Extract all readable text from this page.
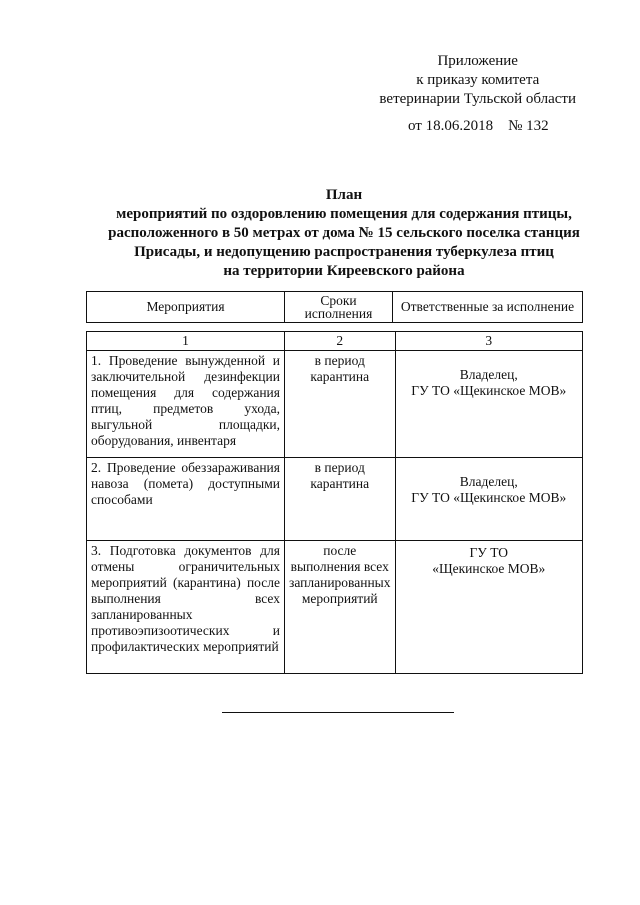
Приложение
к приказу комитета
ветеринарии Тульской области
от 18.06.2018    № 132
План
мероприятий по оздоровлению помещения для содержания птицы,
расположенного в 50 метрах от дома № 15 сельского поселка станция
Присады, и недопущению распространения туберкулеза птиц
на территории Киреевского района
Мероприятия	Сроки исполнения	Ответственные за исполнение
1	2	3
1. Проведение вынужденной и заключительной дезинфекции помещения для содержания птиц, предметов ухода, выгульной площадки, оборудования, инвентаря	в период карантина	Владелец,
ГУ ТО «Щекинское МОВ»
2. Проведение обеззараживания навоза (помета) доступными способами	в период карантина	Владелец,
ГУ ТО «Щекинское МОВ»
3. Подготовка документов для отмены ограничительных мероприятий (карантина) после выполнения всех запланированных противоэпизоотических и профилактических мероприятий	после выполнения всех запланированных мероприятий	ГУ ТО
«Щекинское МОВ»
